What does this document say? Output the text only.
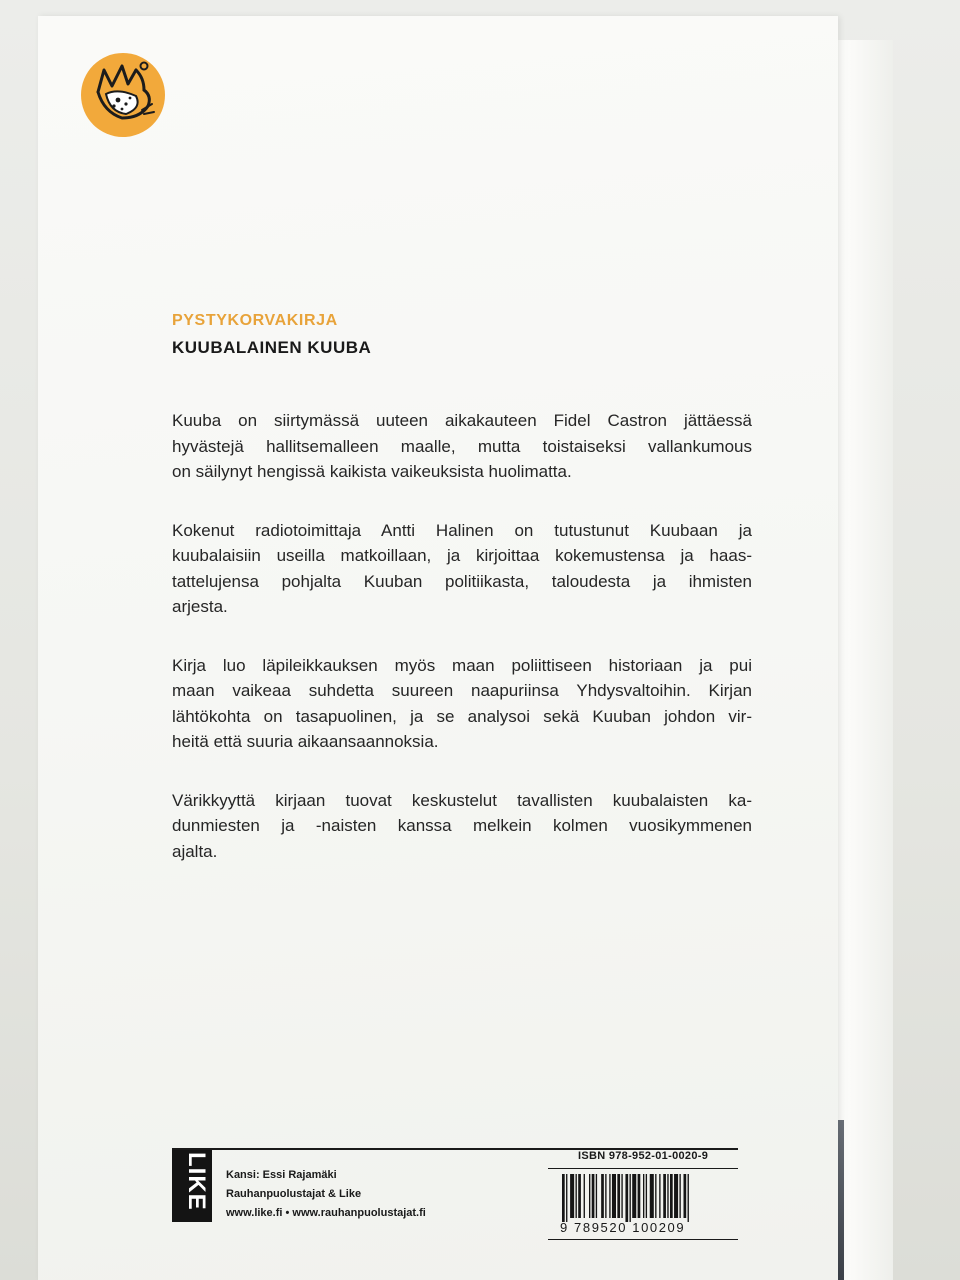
PYSTYKORVAKIRJA
KUUBALAINEN KUUBA

Kuuba on siirtymässä uuteen aikakauteen Fidel Castron jättäessä
hyvästejä hallitsemalleen maalle, mutta toistaiseksi vallankumous
on säilynyt hengissä kaikista vaikeuksista huolimatta.

Kokenut radiotoimittaja Antti Halinen on tutustunut Kuubaan ja
kuubalaisiin useilla matkoillaan, ja kirjoittaa kokemustensa ja haas-
tattelujensa pohjalta Kuuban politiikasta, taloudesta ja ihmisten
arjesta.

Kirja luo läpileikkauksen myös maan poliittiseen historiaan ja pui
maan vaikeaa suhdetta suureen naapuriinsa Yhdysvaltoihin. Kirjan
lähtökohta on tasapuolinen, ja se analysoi sekä Kuuban johdon vir-
heitä että suuria aikaansaannoksia.

Värikkyyttä kirjaan tuovat keskustelut tavallisten kuubalaisten ka-
dunmiesten ja -naisten kanssa melkein kolmen vuosikymmenen
ajalta.

LIKE Kansi: Essi Rajamäki
Rauhanpuolustajat & Like
www.like.fi • www.rauhanpuolustajat.fi
ISBN 978-952-01-0020-9
9 789520 100209
